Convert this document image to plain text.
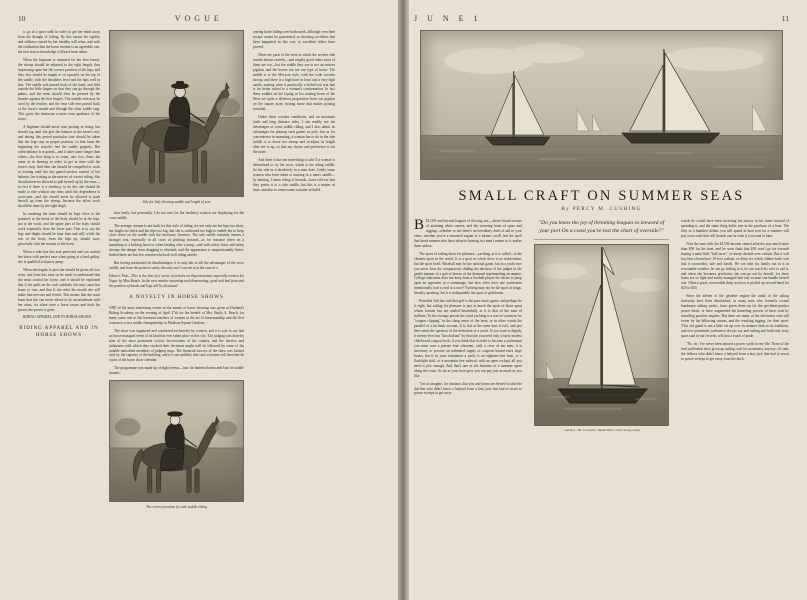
10	VOGUE

to go at a quiet walk in order to get her mind away from the thought of falling. By this means the rigidity and stiffness caused by her timidity will relax, and with the realization that the horse motion is an agreeable one, the first step to knowledge will have been taken.

When the beginner is mounted for her first lesson, the stirrup should be adjusted to the right length, thus impressing upon her the correct position of the legs, and they also should be taught to sit squarely on the top of the saddle, with the shoulders level and the hips well in line. The saddle role passed back of the hand, and held outside the little fingers so that they can go through the palms, and the reins should then be pressed by the thumbs against the first fingers. The outside rein may be used by the teacher, and the near side rein passed back of the horse's mouth and through the other saddle ring. This gives the instructor a more even guidance of the horse.

A beginner should never start posting or rising, but should jog until she gets the balance at the horse's trot, and during this period particular care should be taken that her legs stay in proper position, so that from the beginning the muscles feel the saddle properly. But when balance is acquired—and it takes some longer than others—the best thing is to count, one, two, three; the same as in dancing in order to get in time with the horse's step. And then she should be compelled to work or trotting until she has gained perfect control of her balance, her trotting in the mirrors of correct riding. She should never be allowed to pull herself up by the reins—in fact if there is a tendency to do this she should be made to ride without any reins until this dependence is overcome—and she should never be allowed to push herself up from the stirrup, because the effort work should be done by the right thigh.

In cantering the knee should be kept close to the pommel, as the break of the body should be at the hips, not at the waist, and the upper part of the body should work separately from the lower part. That is to say the legs and thighs should be kept firm and still, while the rest of the body, from the hips up, should sway gracefully with the motion of the horse.

When a rider has this seat perfected and can control her horse with perfect ease when going at a hard gallop, she is qualified to hunt or jump.

When she begins to post she should be given all four reins, and from this time on be made to understand that she must control her horse, and it should be explained that if she pulls on the curb suddenly she may cause her horse to rear, and that if she rides his mouth she will make him nervous and fretful. This means that she must learn that she can never afford to be inconsiderate with her reins, for when once a horse tosses and feels his power, her power is gone.

RIDING APPAREL AND IN HORSE SHOWS

RIDING APPAREL AND IN HORSE SHOWS

Side for lady showing saddle and length of seat

sion lately, but personally I do not care for the tendency women are displaying for the cross saddle.

The average woman is not built for this style of riding, for not only are her hips too short, her thighs too thick and her hips too big, but she is cushioned too high to enable her to keep close down on the saddle with the necessary firmness. The side saddle certainly insures a stronger seat, especially in all cases of pitching forward—as for instance when on a stumbling or a kicking horse or when landing after a jump—and with safety skirts and safety stirrups the danger from dragging is obviated, and the appearance is unquestionably better. Indeed there are but few women who look well riding astride.

But having mentioned its disadvantages, it is only fair to tell the advantages of the cross saddle, and from the point of safety the only one I can see is in the case of a

Editor's Note—This is the first of a series of articles on Equestrianism especially written for Vogue by Miss Bunch. In the next number mounting and dismounting, good and bad form and the position of hands and legs will be discussed.

A NOVELTY IN HORSE SHOWS

ONE of the most interesting events in the annals of horse showing was given at Durland's Riding Academy on the evening of April 27th for the benefit of Mrs. Emily S. Beach, for many years one of the foremost teachers of women in the art of horsemanship and the first woman to win a saddle championship in Madison Square Gardens.

The show was organized and conducted exclusively by women, and it is safe to say that no horse managed event of its kind has ever taken place in this city. The judging was done by nine of the most prominent society horsewomen of the country, and the fairness and unfairness with which they reached their decisions might well be followed by some of the notable masculine members of judging rings. The financial success of the show was limited only by the capacity of the building, and it is not unlikely that such a feature will hereafter be a part of the horse show calendar.

The programme was made up of eight events—four for harness horses and four for saddle mounts.

The correct position for side saddle riding

rearing horse falling over backwards, although even then escape cannot be guaranteed, as shocking accidents that have happened in this way to excellent riders have proved.

There are parts of the west in which the severer ride astride almost entirely—and mighty good riders most of them are too—but the saddle they use is not an eastern pigskin, and the horses are not our type of horse. The saddle is of the Mexican style, with the wide wooden stirrup, and there is a high horn in front and a very high cantle, making what is practically a dished-out seat that is far better suited to a woman's conformation. In fact these saddles on the loping or fox trotting horse of the West are quite a different proposition from our pigskin on the square away trotting horse that makes posting essential.

Under these western conditions, and on mountain trails and long distance rides, I can readily see the advantages of cross saddle riding, and I also admit its advantages for playing such games as polo, but as for convenience in mounting, a woman has to do in the side saddle is to lower her stirrup and re-adjust its length after she is up, so that my choice and preference is for the latter.

And there is but one more thing to add. If a woman is determined to try the cross, which is the riding saddle, let her ride in it absolutely in a man does. Lately some women who have taken to hunting in a man's saddle—by hunting, I mean riding to hounds—have told me that they prefer it to a side saddle, but this is a matter of taste, and also to some extent a matter of build.

J U N E 1	11
SMALL CRAFT ON SUMMER SEAS
By PERCY M. CUSHING

BELOW and beyond leagues of flowing sea,—above broad sweeps of attaining white canvas, and the towering loom of spars and rigging—whether or not there's an hereditary dash of salt in your veins, whether you're a seasoned sagunt or a farmer, you'll feel the spell that binds seamen who have taken to boating in a man's nature to it, makes them sailors.

The sport of sailing busts for pleasure—yachting as it is called—is the cleanest sport in the world. It is a sport in which there is no inducement, but the sport itself. Baseball may be the national game, but in a yacht race you never hear the comparisons chiding the decision of the judges in the gentle manner of a gait of heroes of the diamond reprimanding an umpire. College education does not keep from a football player the desire to jump upon an opponent in a scrimmage, but how often does one yachtsman intentionally foul a rival in a race? Yachting may not be the sport of kings, literally speaking, but it is indisputably the sport of gentlemen.

President Taft has said that golf is the poor man's game, and perhaps he is right, but sailing for pleasure is just as much the sport of those upon whom fortune has not smiled bountifully as it is that of the man of millions. To the average person the word yachting is a sort of synonym for "coupon clipping" in the slang sense of the term, or in other words the parallel of a fat bank account. It is, but at the same time it isn't, and just here arises the question of the definition of a yacht. If you want to dignify it twenty-five foot "knockabout" by that title you need only a fairly modest club-boxed coupon book; if you think that in order to become a yachtsman you must own a private four schooner, with a crew of ten men, it is necessary to procure an unlimited supply of coupons bound extra large books; but if in your estimation a yacht is an eighteen-foot boat, or a flashlight skiff, of a mountain free rathwal, with an open cockpit, all you need is just enough, And that's one of the beauties of a summer spent along the coast. As far as your boat goes you can pay just as much as you like.

"Let us imagine, for instance, that you and yours are elected to take the dip-line who didn't know a halyard from a lazy jack that had to resort to power sweeps to get away

"Do you know the joy of threshing leagues to leeward of your port On a coast you've lost the chart of overside?"
"Aurora," Mr. Cornelius Vanderbilt's crack racing sloop

words he would have been investing his money in his home instead of spending it, and the same thing holds true in the purchase of a boat. The fifty or a hundred dollars you will spend in boat rent for a summer will pay you a craft that will branch out for each if you want to later.

Now the man with the $2,500 income cannot afford to pay much more than $50 for his boat; and he soon finds that $50 won't go far towards buying a natty little "ball racer," or sturdy decked over catboat. But it will buy him a brand new 19-foot catboat, or thirty-six a little clinker built craft that is seaworthy, safe and handy. He can take his family out in it in reasonable weather, he can go fishing in it, he can teach his wife to sail it, and when she becomes proficient, she can go out by herself, for these boats are so light and easily managed that any woman can handle herself one. Often a good, serviceable deep sea boat to picked up second-hand for $25 to $50.

Since the advent of the gasoline engine the ranks of the sailing fraternity have been diminished, as many men who formerly owned handsome sailing yachts, have given them up for the get-them-quicker power boats, or have augmented the hanseling powers of their craft by installing gasoline engines. But there are many of the old-timers who still swear by the billowing canvas, and the creaking rigging, for their sport. 'This old gaard is not a little set up over its manner faith to its traditions, and new prominent yachtsmen always say and sailing and hold only forty spars said in our records, will just a touch of pride:

"No, sir; I've never been aboard a power yacht in my life. None of the real yachtsmen have given up sailing craft for machinery anyway; it's only the fellows who didn't know a halyard from a lazy jack that had to resort to power sweeps to get away from the dock.
